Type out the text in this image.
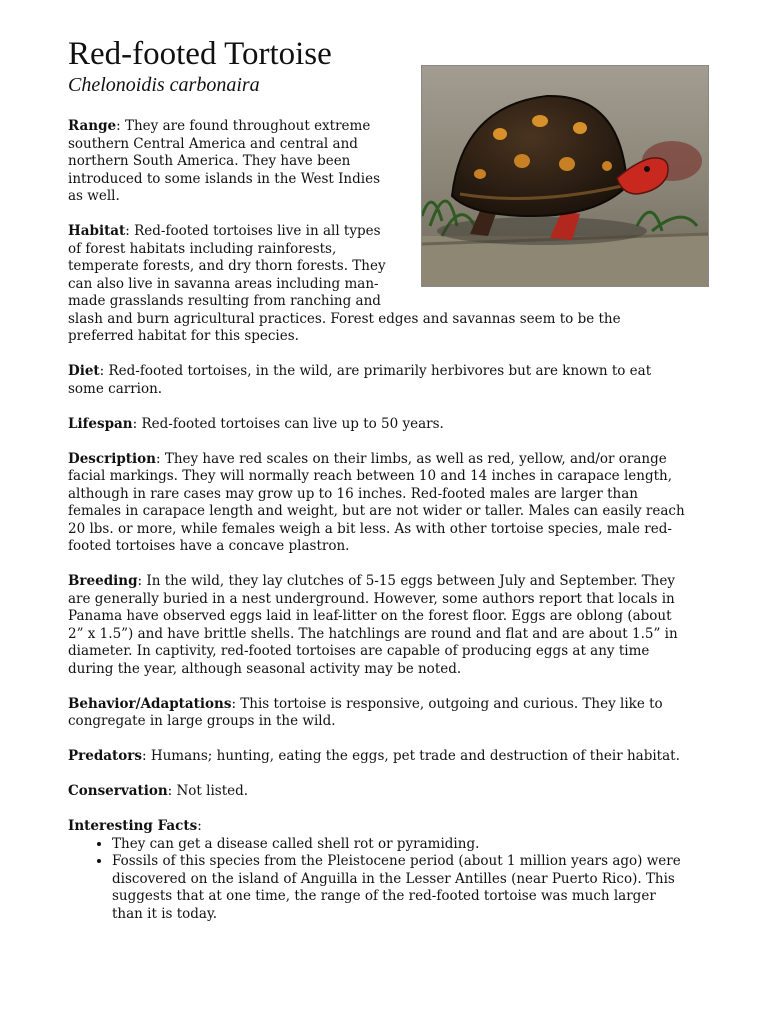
Red-footed Tortoise
Chelonoidis carbonaira

Range: They are found throughout extreme southern Central America and central and northern South America. They have been introduced to some islands in the West Indies as well.

Habitat: Red-footed tortoises live in all types of forest habitats including rainforests, temperate forests, and dry thorn forests. They can also live in savanna areas including man-made grasslands resulting from ranching and slash and burn agricultural practices. Forest edges and savannas seem to be the preferred habitat for this species.

Diet: Red-footed tortoises, in the wild, are primarily herbivores but are known to eat some carrion.

Lifespan: Red-footed tortoises can live up to 50 years.

Description: They have red scales on their limbs, as well as red, yellow, and/or orange facial markings. They will normally reach between 10 and 14 inches in carapace length, although in rare cases may grow up to 16 inches. Red-footed males are larger than females in carapace length and weight, but are not wider or taller. Males can easily reach 20 lbs. or more, while females weigh a bit less. As with other tortoise species, male red-footed tortoises have a concave plastron.

Breeding: In the wild, they lay clutches of 5-15 eggs between July and September. They are generally buried in a nest underground. However, some authors report that locals in Panama have observed eggs laid in leaf-litter on the forest floor. Eggs are oblong (about 2” x 1.5”) and have brittle shells. The hatchlings are round and flat and are about 1.5” in diameter. In captivity, red-footed tortoises are capable of producing eggs at any time during the year, although seasonal activity may be noted.

Behavior/Adaptations: This tortoise is responsive, outgoing and curious. They like to congregate in large groups in the wild.

Predators: Humans; hunting, eating the eggs, pet trade and destruction of their habitat.

Conservation: Not listed.

Interesting Facts:
• They can get a disease called shell rot or pyramiding.
• Fossils of this species from the Pleistocene period (about 1 million years ago) were discovered on the island of Anguilla in the Lesser Antilles (near Puerto Rico). This suggests that at one time, the range of the red-footed tortoise was much larger than it is today.
